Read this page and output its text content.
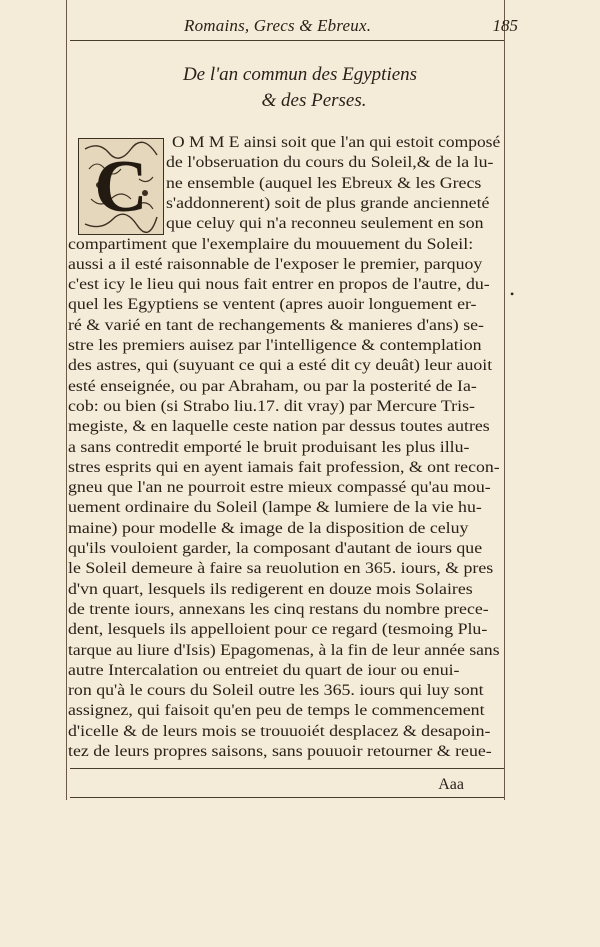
Romains, Grecs & Ebreux.	185
De l'an commun des Egyptiens
& des Perses.
C
O M M E ainsi soit que l'an qui estoit composé
de l'obseruation du cours du Soleil,& de la lu-
ne ensemble (auquel les Ebreux & les Grecs
s'addonnerent) soit de plus grande ancienneté
que celuy qui n'a reconneu seulement en son
compartiment que l'exemplaire du mouuement du Soleil:
aussi a il esté raisonnable de l'exposer le premier, parquoy
c'est icy le lieu qui nous fait entrer en propos de l'autre, du-
quel les Egyptiens se ventent (apres auoir longuement er-
ré & varié en tant de rechangements & manieres d'ans) se-
stre les premiers auisez par l'intelligence & contemplation
des astres, qui (suyuant ce qui a esté dit cy deuât) leur auoit
esté enseignée, ou par Abraham, ou par la posterité de Ia-
cob: ou bien (si Strabo liu.17. dit vray) par Mercure Tris-
megiste, & en laquelle ceste nation par dessus toutes autres
a sans contredit emporté le bruit produisant les plus illu-
stres esprits qui en ayent iamais fait profession, & ont recon-
gneu que l'an ne pourroit estre mieux compassé qu'au mou-
uement ordinaire du Soleil (lampe & lumiere de la vie hu-
maine) pour modelle & image de la disposition de celuy
qu'ils vouloient garder, la composant d'autant de iours que
le Soleil demeure à faire sa reuolution en 365. iours, & pres
d'vn quart, lesquels ils redigerent en douze mois Solaires
de trente iours, annexans les cinq restans du nombre prece-
dent, lesquels ils appelloient pour ce regard (tesmoing Plu-
tarque au liure d'Isis) Epagomenas, à la fin de leur année sans
autre Intercalation ou entreiet du quart de iour ou enui-
ron qu'à le cours du Soleil outre les 365. iours qui luy sont
assignez, qui faisoit qu'en peu de temps le commencement
d'icelle & de leurs mois se trouuoiét desplacez & desapoin-
tez de leurs propres saisons, sans pouuoir retourner & reue-
•
Aaa
